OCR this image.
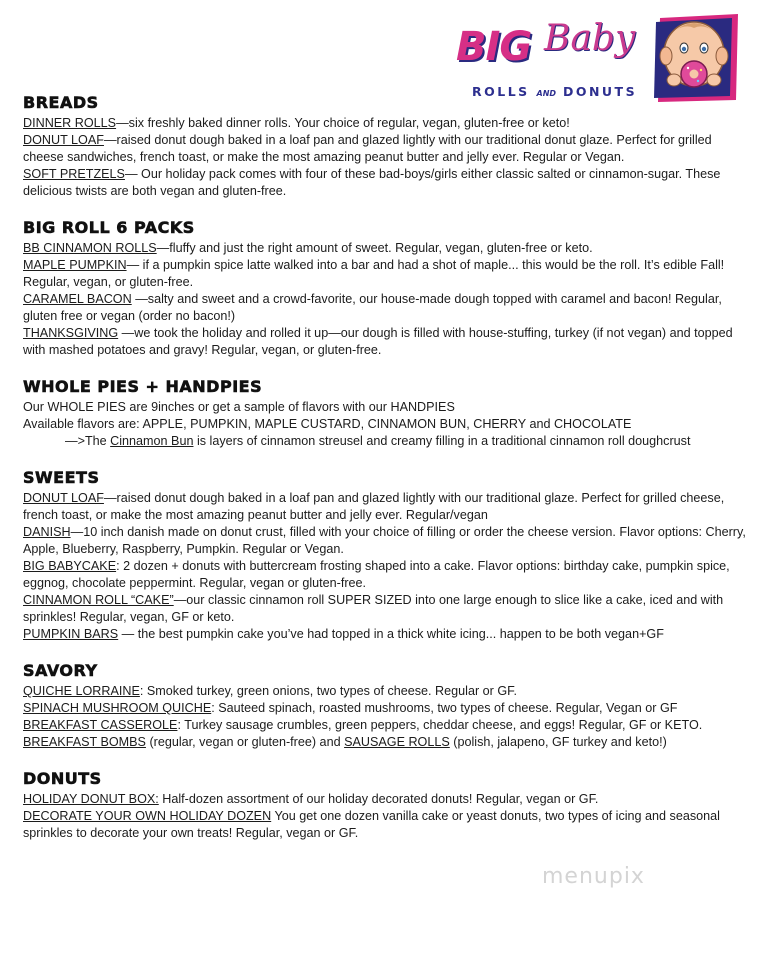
BIG Baby
ROLLS AND DONUTS
BREADS

DINNER ROLLS—six freshly baked dinner rolls. Your choice of regular, vegan, gluten-free or keto!

DONUT LOAF—raised donut dough baked in a loaf pan and glazed lightly with our traditional donut glaze. Perfect for grilled cheese sandwiches, french toast, or make the most amazing peanut butter and jelly ever. Regular or Vegan.

SOFT PRETZELS— Our holiday pack comes with four of these bad-boys/girls either classic salted or cinnamon-sugar. These delicious twists are both vegan and gluten-free.

BIG ROLL 6 PACKS

BB CINNAMON ROLLS—fluffy and just the right amount of sweet. Regular, vegan, gluten-free or keto.

MAPLE PUMPKIN— if a pumpkin spice latte walked into a bar and had a shot of maple... this would be the roll. It’s edible Fall! Regular, vegan, or gluten-free.

CARAMEL BACON —salty and sweet and a crowd-favorite, our house-made dough topped with caramel and bacon! Regular, gluten free or vegan (order no bacon!)

THANKSGIVING —we took the holiday and rolled it up—our dough is filled with house-stuffing, turkey (if not vegan) and topped with mashed potatoes and gravy! Regular, vegan, or gluten-free.

WHOLE PIES + HANDPIES

Our WHOLE PIES are 9inches or get a sample of flavors with our HANDPIES

Available flavors are: APPLE, PUMPKIN, MAPLE CUSTARD, CINNAMON BUN, CHERRY and CHOCOLATE

—>The Cinnamon Bun is layers of cinnamon streusel and creamy filling in a traditional cinnamon roll doughcrust

SWEETS

DONUT LOAF—raised donut dough baked in a loaf pan and glazed lightly with our traditional glaze. Perfect for grilled cheese, french toast, or make the most amazing peanut butter and jelly ever. Regular/vegan

DANISH—10 inch danish made on donut crust, filled with your choice of filling or order the cheese version. Flavor options: Cherry, Apple, Blueberry, Raspberry, Pumpkin. Regular or Vegan.

BIG BABYCAKE: 2 dozen + donuts with buttercream frosting shaped into a cake. Flavor options: birthday cake, pumpkin spice, eggnog, chocolate peppermint. Regular, vegan or gluten-free.

CINNAMON ROLL “CAKE”—our classic cinnamon roll SUPER SIZED into one large enough to slice like a cake, iced and with sprinkles! Regular, vegan, GF or keto.

PUMPKIN BARS — the best pumpkin cake you’ve had topped in a thick white icing... happen to be both vegan+GF

SAVORY

QUICHE LORRAINE: Smoked turkey, green onions, two types of cheese. Regular or GF.

SPINACH MUSHROOM QUICHE: Sauteed spinach, roasted mushrooms, two types of cheese. Regular, Vegan or GF

BREAKFAST CASSEROLE: Turkey sausage crumbles, green peppers, cheddar cheese, and eggs! Regular, GF or KETO.

BREAKFAST BOMBS (regular, vegan or gluten-free) and SAUSAGE ROLLS (polish, jalapeno, GF turkey and keto!)

DONUTS

HOLIDAY DONUT BOX: Half-dozen assortment of our holiday decorated donuts! Regular, vegan or GF.

DECORATE YOUR OWN HOLIDAY DOZEN You get one dozen vanilla cake or yeast donuts, two types of icing and seasonal sprinkles to decorate your own treats! Regular, vegan or GF.

menupix
